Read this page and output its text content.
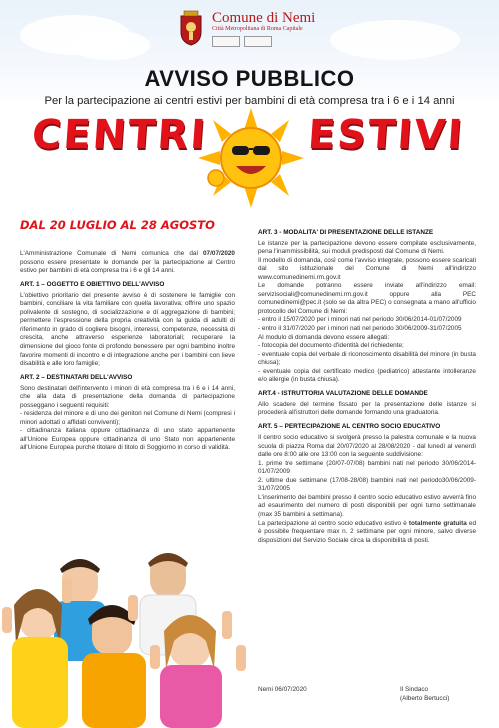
Comune di Nemi
Città Metropolitana di Roma Capitale
AVVISO PUBBLICO
Per la partecipazione ai centri estivi per bambini di età compresa tra i 6 e i 14 anni
CENTRI ESTIVI
DAL 20 LUGLIO AL 28 AGOSTO

L'Amministrazione Comunale di Nemi comunica che dal 07/07/2020 possono essere presentate le domande per la partecipazione al Centro estivo per bambini di età compresa tra i 6 e gli 14 anni.

ART. 1 – OGGETTO E OBIETTIVO DELL'AVVISO

L'obiettivo prioritario del presente avviso è di sostenere le famiglie con bambini, conciliare la vita familiare con quella lavorativa; offrire uno spazio polivalente di sostegno, di socializzazione e di aggregazione di bambini; permettere l'espressione della propria creatività con la guida di adulti di riferimento in grado di cogliere bisogni, interessi, competenze, necessità di crescita, anche attraverso esperienze laboratoriali; recuperare la dimensione del gioco fonte di profondo benessere per ogni bambino inoltre favorire momenti di incontro e di integrazione anche per i bambini con lieve disabilità e alle loro famiglie;

ART. 2 – DESTINATARI DELL'AVVISO

Sono destinatari dell'intervento i minori di età compresa tra i 6 e i 14 anni, che alla data di presentazione della domanda di partecipazione posseggano i seguenti requisiti:

- residenza del minore e di uno dei genitori nel Comune di Nemi (compresi i minori adottati o affidati conviventi);
- cittadinanza italiana oppure cittadinanza di uno stato appartenente all'Unione Europea oppure cittadinanza di uno Stato non appartenente all'Unione Europea purché titolare di titolo di Soggiorno in corso di validità.
ART. 3 - MODALITA' DI PRESENTAZIONE DELLE ISTANZE
Le istanze per la partecipazione devono essere compilate esclusivamente, pena l'inammissibilità, sui moduli predisposti dal Comune di Nemi.
Il modello di domanda, così come l'avviso integrale, possono essere scaricati dal sito istituzionale del Comune di Nemi all'indirizzo www.comunedinemi.rm.gov.it
Le domande potranno essere inviate all'indirizzo email: servizisociali@comunedinemi.rm.gov.it oppure alla PEC comunedinemi@pec.it (solo se da altra PEC) o consegnata a mano all'ufficio protocollo del Comune di Nemi:
- entro il 15/07/2020 per i minori nati nel periodo 30/06/2014-01/07/2009
- entro il 31/07/2020 per i minori nati nel periodo 30/06/2009-31/07/2005
Al modulo di domanda devono essere allegati:
- fotocopia del documento d'identità del richiedente;
- eventuale copia del verbale di riconoscimento disabilità del minore (in busta chiusa);

- eventuale copia del certificato medico (pediatrico) attestante intolleranze e/o allergie (in busta chiusa).

ART.4 - ISTRUTTORIA VALUTAZIONE DELLE DOMANDE

Allo scadere del termine fissato per la presentazione delle istanze si procederà all'istruttori delle domande formando una graduatoria.

ART. 5 – PERTECIPAZIONE AL CENTRO SOCIO EDUCATIVO
Il centro socio educativo si svolgerà presso la palestra comunale e la nuova scuola di piazza Roma dal 20/07/2020 al 28/08/2020 - dal lunedì al venerdì dalle ore 8:00 alle ore 13:00 con la seguente suddivisione:
1. prime tre settimane (20/07-07/08) bambini nati nel periodo 30/06/2014-01/07/2009
2. ultime due settimane (17/08-28/08) bambini nati nel periodo30/06/2009-31/07/2005
L'inserimento dei bambini presso il centro socio educativo estivo avverrà fino ad esaurimento del numero di posti disponibili per ogni turno settimanale (max 35 bambini a settimana).
La partecipazione al centro socio educativo estivo è totalmente gratuita ed è possibile frequentare max n. 2 settimane per ogni minore, salvo diverse disposizioni del Servizio Sociale circa la disponibilità di posti.
Nemi 06/07/2020	Il Sindaco
(Alberto Bertucci)
